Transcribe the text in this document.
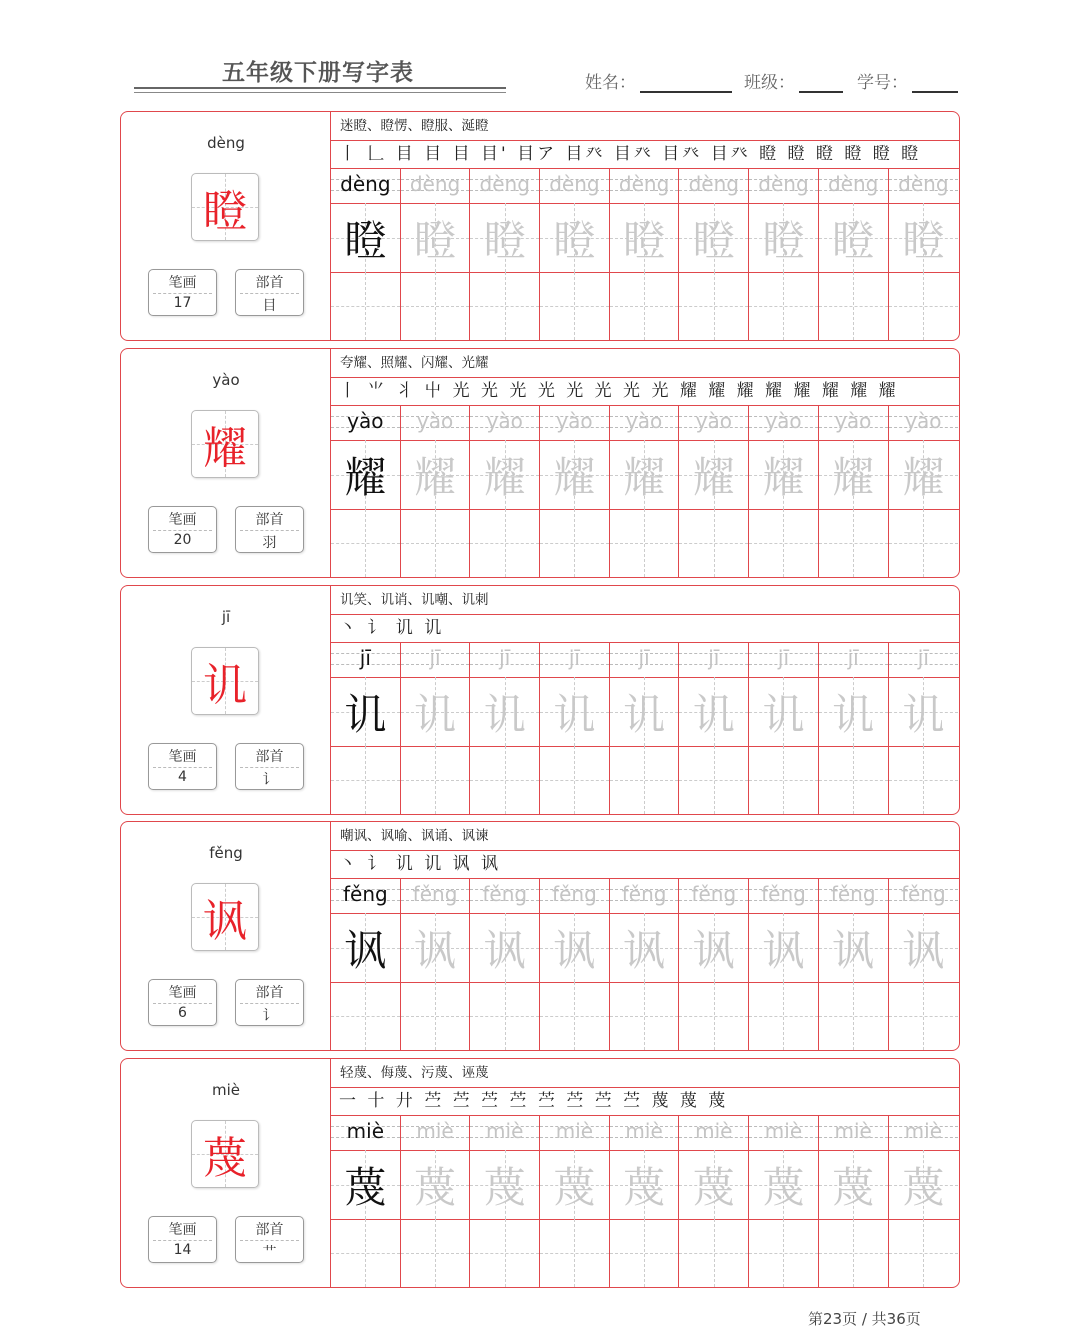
五年级下册写字表	姓名：	班级：	学号：
dèng
瞪
笔画
17
部首
目
迷瞪、瞪愣、瞪服、涎瞪
丨 𠃊 目 目 目 目' 目ア 目癶 目癶 目癶 目癶 瞪 瞪 瞪 瞪 瞪 瞪
dèng dèng dèng dèng dèng dèng dèng dèng dèng
瞪 瞪 瞪 瞪 瞪 瞪 瞪 瞪 瞪
yào
耀
笔画
20
部首
羽
夸耀、照耀、闪耀、光耀
丨 ⺌ 丬 屮 光 光 光 光 光 光 光 光 耀 耀 耀 耀 耀 耀 耀 耀
yào	yào	yào	yào	yào	yào	yào	yào	yào
耀 耀 耀 耀 耀 耀 耀 耀 耀
jī
讥
笔画
4
部首
讠
讥笑、讥诮、讥嘲、讥刺
丶 讠 讥 讥
jī	jī	jī	jī	jī	jī	jī	jī	jī
讥 讥 讥 讥 讥 讥 讥 讥 讥
fěng
讽
笔画
6
部首
讠
嘲讽、讽喻、讽诵、讽谏
丶 讠 讥 讥 讽 讽
fěng	fěng	fěng	fěng	fěng	fěng	fěng	fěng	fěng
讽 讽 讽 讽 讽 讽 讽 讽 讽
miè
蔑
笔画
14
部首
艹
轻蔑、侮蔑、污蔑、诬蔑
一 十 廾 苎 苎 苎 苎 苎 苎 苎 苎 蔑 蔑 蔑
miè	miè	miè	miè	miè	miè	miè	miè	miè
蔑 蔑 蔑 蔑 蔑 蔑 蔑 蔑 蔑
第23页 / 共36页
